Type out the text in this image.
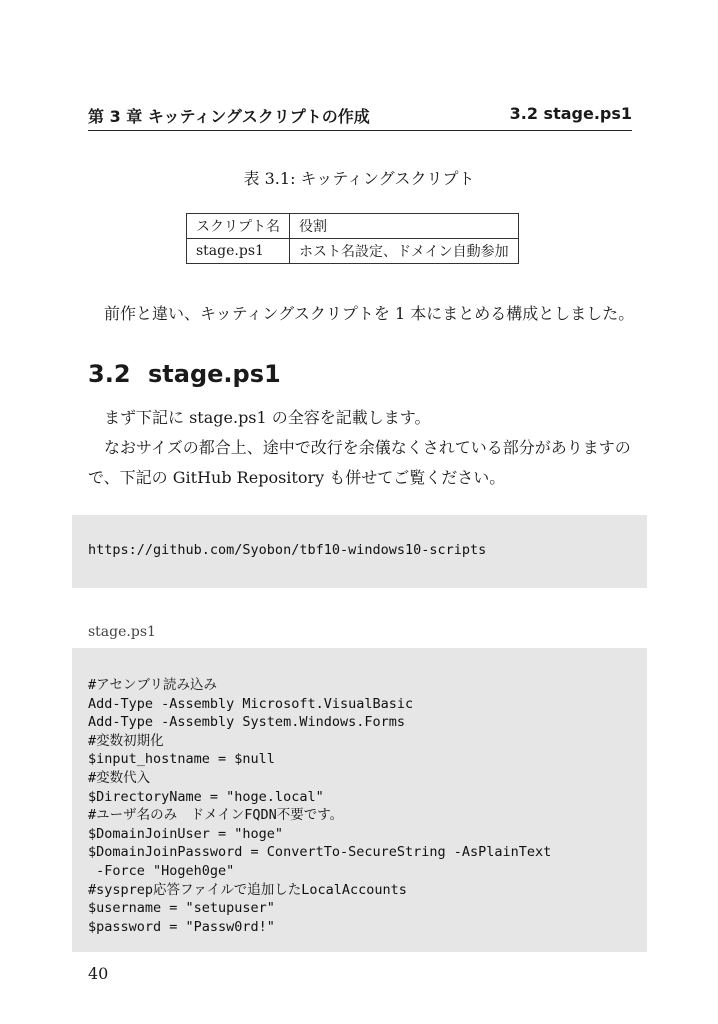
第 3 章 キッティングスクリプトの作成	3.2 stage.ps1
表 3.1: キッティングスクリプト
スクリプト名	役割
stage.ps1	ホスト名設定、ドメイン自動参加

前作と違い、キッティングスクリプトを 1 本にまとめる構成としました。

3.2 stage.ps1

まず下記に stage.ps1 の全容を記載します。

なおサイズの都合上、途中で改行を余儀なくされている部分がありますので、下記の GitHub Repository も併せてご覧ください。

https://github.com/Syobon/tbf10-windows10-scripts
stage.ps1
#アセンブリ読み込み
Add-Type -Assembly Microsoft.VisualBasic
Add-Type -Assembly System.Windows.Forms
#変数初期化
$input_hostname = $null
#変数代入
$DirectoryName = "hoge.local"
#ユーザ名のみ　ドメインFQDN不要です。
$DomainJoinUser = "hoge"
$DomainJoinPassword = ConvertTo-SecureString -AsPlainText
-Force "Hogeh0ge"
#sysprep応答ファイルで追加したLocalAccounts
$username = "setupuser"
$password = "Passw0rd!"
40
